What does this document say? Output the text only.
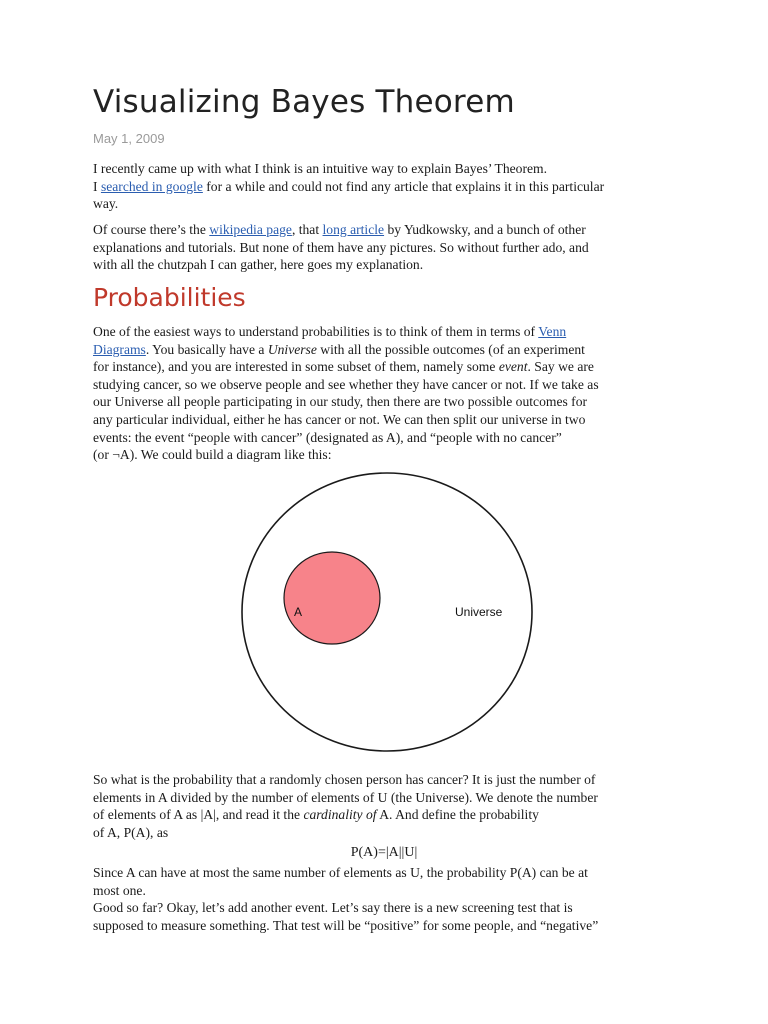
Visualizing Bayes Theorem
May 1, 2009

I recently came up with what I think is an intuitive way to explain Bayes’ Theorem.
I searched in google for a while and could not find any article that explains it in this particular
way.

Of course there’s the wikipedia page, that long article by Yudkowsky, and a bunch of other
explanations and tutorials. But none of them have any pictures. So without further ado, and
with all the chutzpah I can gather, here goes my explanation.

Probabilities

One of the easiest ways to understand probabilities is to think of them in terms of Venn
Diagrams. You basically have a Universe with all the possible outcomes (of an experiment
for instance), and you are interested in some subset of them, namely some event. Say we are
studying cancer, so we observe people and see whether they have cancer or not. If we take as
our Universe all people participating in our study, then there are two possible outcomes for
any particular individual, either he has cancer or not. We can then split our universe in two
events: the event “people with cancer” (designated as A), and “people with no cancer”
(or ¬A). We could build a diagram like this:

A	Universe

So what is the probability that a randomly chosen person has cancer? It is just the number of
elements in A divided by the number of elements of U (the Universe). We denote the number
of elements of A as |A|, and read it the cardinality of A. And define the probability
of A, P(A), as

P(A)=|A||U|

Since A can have at most the same number of elements as U, the probability P(A) can be at
most one.
Good so far? Okay, let’s add another event. Let’s say there is a new screening test that is
supposed to measure something. That test will be “positive” for some people, and “negative”
